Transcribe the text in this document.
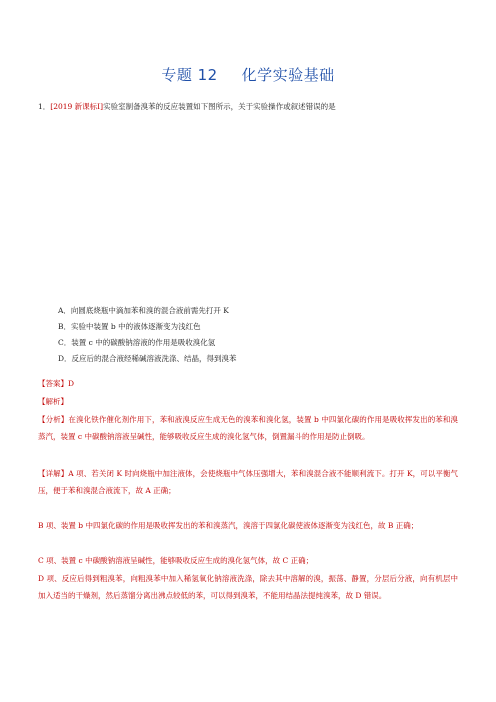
专题 12 化学实验基础
1．[2019 新课标Ⅰ]实验室制备溴苯的反应装置如下图所示，关于实验操作或叙述错误的是
A．向圆底烧瓶中滴加苯和溴的混合液前需先打开 K
B．实验中装置 b 中的液体逐渐变为浅红色
C．装置 c 中的碳酸钠溶液的作用是吸收溴化氢
D．反应后的混合液经稀碱溶液洗涤、结晶，得到溴苯
【答案】D
【解析】
【分析】在溴化铁作催化剂作用下，苯和液溴反应生成无色的溴苯和溴化氢，装置 b 中四氯化碳的作用是吸收挥发出的苯和溴蒸汽，装置 c 中碳酸钠溶液呈碱性，能够吸收反应生成的溴化氢气体，倒置漏斗的作用是防止倒吸。
【详解】A 项、若关闭 K 时向烧瓶中加注液体，会使烧瓶中气体压强增大，苯和溴混合液不能顺利流下。打开 K，可以平衡气压，便于苯和溴混合液流下，故 A 正确；
B 项、装置 b 中四氯化碳的作用是吸收挥发出的苯和溴蒸汽，溴溶于四氯化碳使液体逐渐变为浅红色，故 B 正确；
C 项、装置 c 中碳酸钠溶液呈碱性，能够吸收反应生成的溴化氢气体，故 C 正确；
D 项、反应后得到粗溴苯，向粗溴苯中加入稀氢氧化钠溶液洗涤，除去其中溶解的溴，振荡、静置，分层后分液，向有机层中加入适当的干燥剂，然后蒸馏分离出沸点较低的苯，可以得到溴苯，不能用结晶法提纯溴苯，故 D 错误。
